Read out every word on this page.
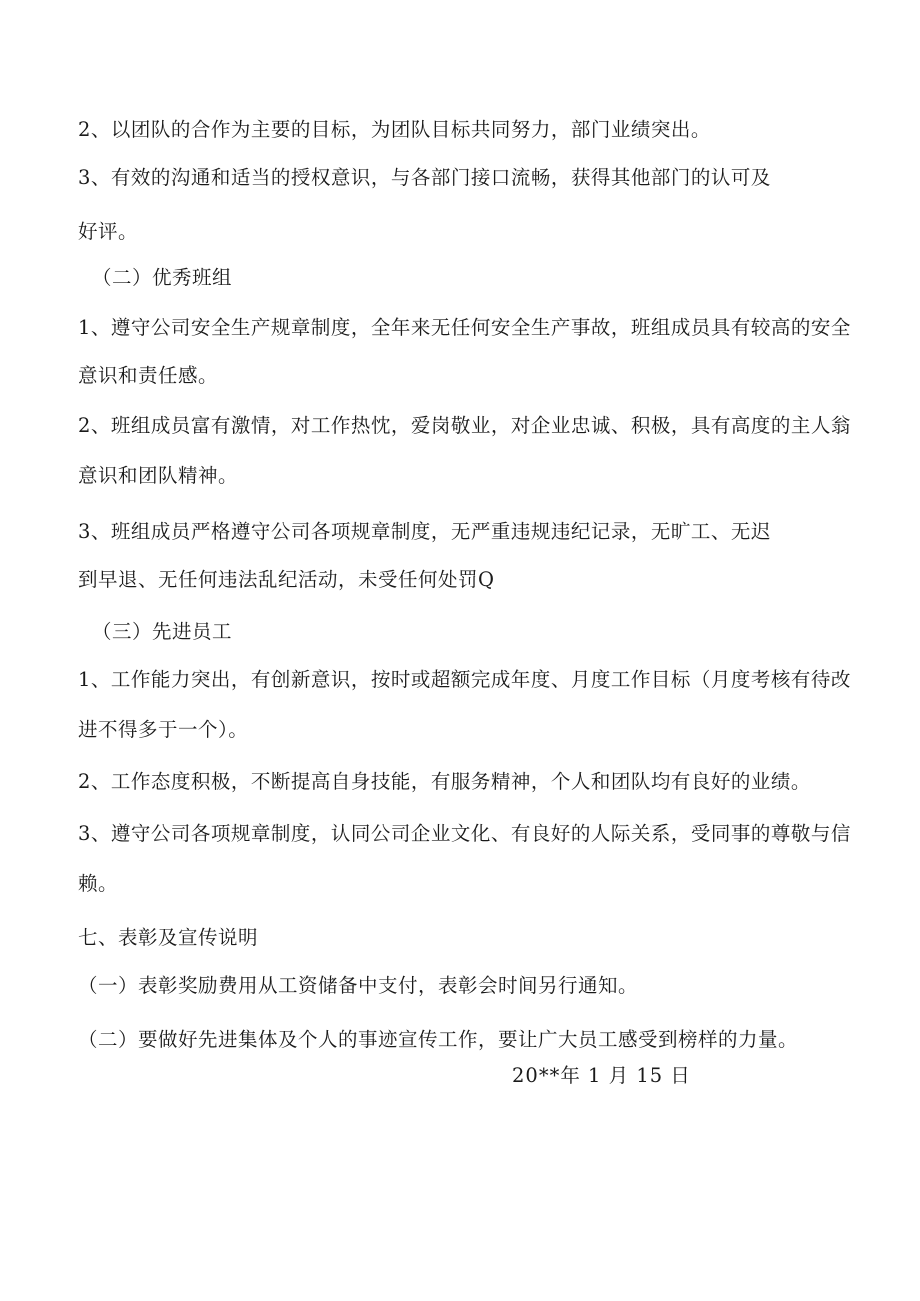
2、以团队的合作为主要的目标，为团队目标共同努力，部门业绩突出。
3、有效的沟通和适当的授权意识，与各部门接口流畅，获得其他部门的认可及
好评。
（二）优秀班组
1、遵守公司安全生产规章制度，全年来无任何安全生产事故，班组成员具有较高的安全
意识和责任感。
2、班组成员富有激情，对工作热忱，爱岗敬业，对企业忠诚、积极，具有高度的主人翁
意识和团队精神。
3、班组成员严格遵守公司各项规章制度，无严重违规违纪记录，无旷工、无迟
到早退、无任何违法乱纪活动，未受任何处罚Q
（三）先进员工
1、工作能力突出，有创新意识，按时或超额完成年度、月度工作目标（月度考核有待改
进不得多于一个）。
2、工作态度积极，不断提高自身技能，有服务精神，个人和团队均有良好的业绩。
3、遵守公司各项规章制度，认同公司企业文化、有良好的人际关系，受同事的尊敬与信
赖。
七、表彰及宣传说明
（一）表彰奖励费用从工资储备中支付，表彰会时间另行通知。
（二）要做好先进集体及个人的事迹宣传工作，要让广大员工感受到榜样的力量。
20**年 1 月 15 日
